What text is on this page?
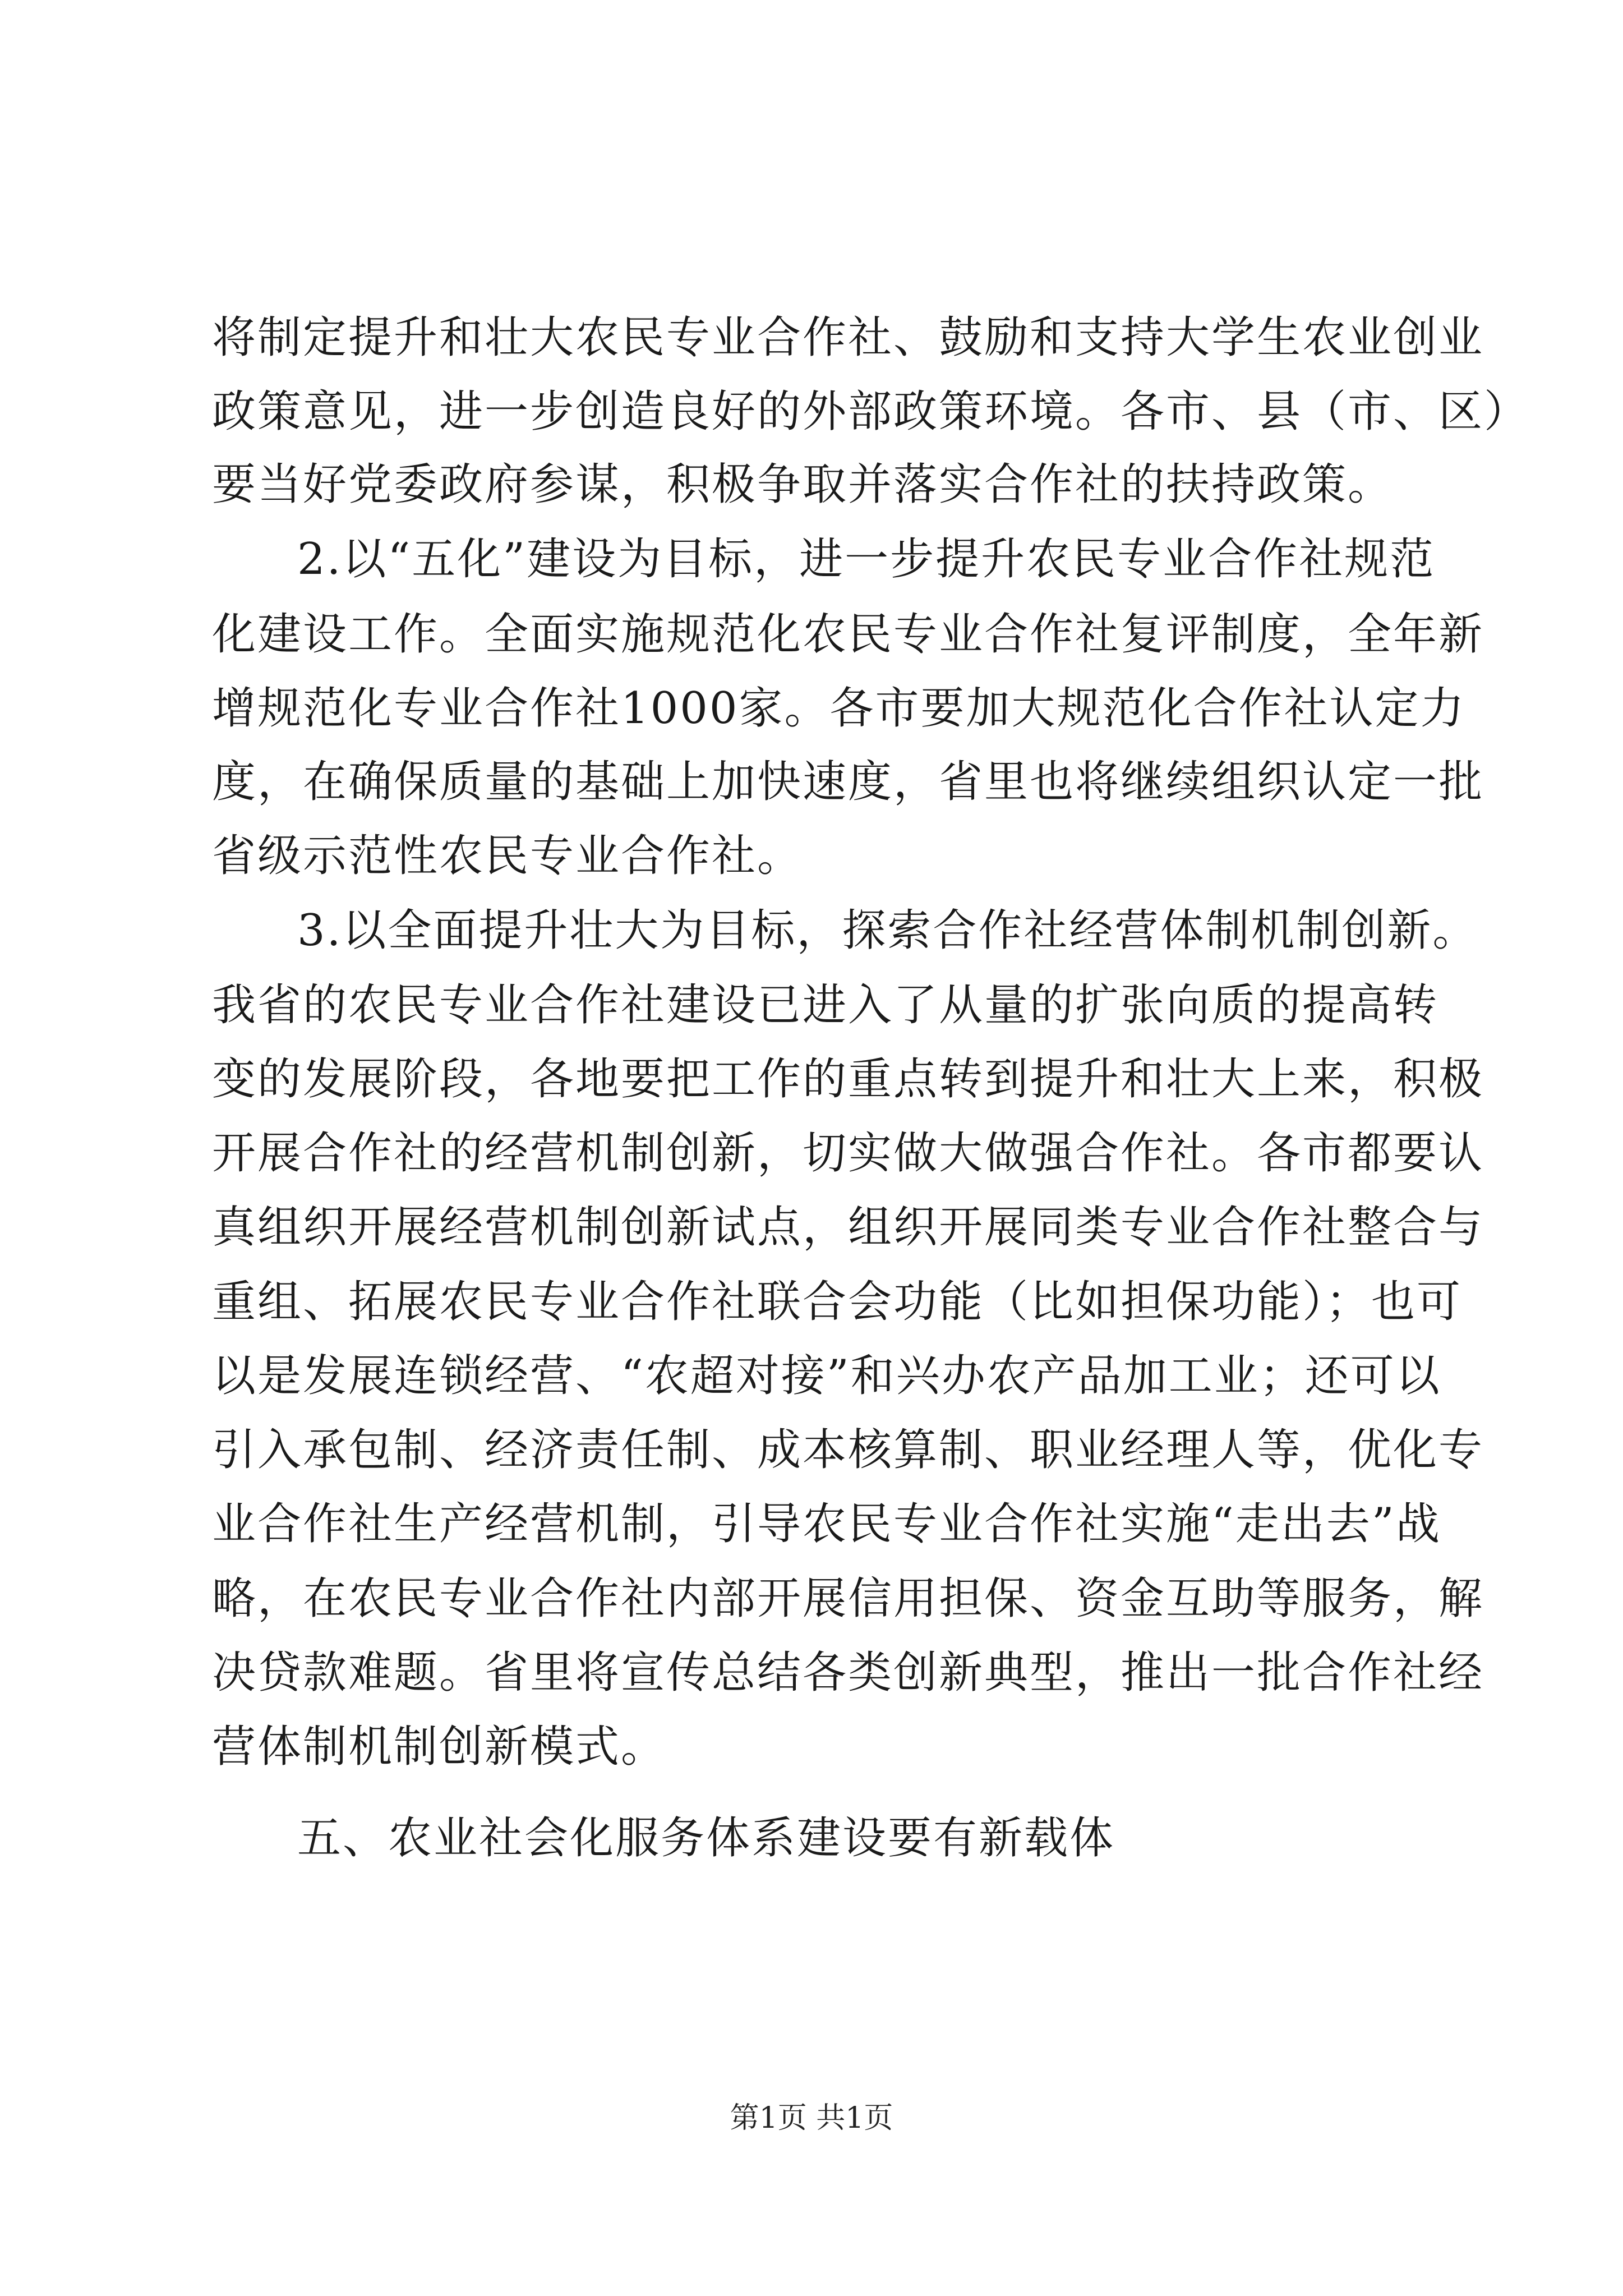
将制定提升和壮大农民专业合作社、鼓励和支持大学生农业创业
政策意见，进一步创造良好的外部政策环境。各市、县（市、区）
要当好党委政府参谋，积极争取并落实合作社的扶持政策。
2.以“五化”建设为目标，进一步提升农民专业合作社规范
化建设工作。全面实施规范化农民专业合作社复评制度，全年新
增规范化专业合作社1000家。各市要加大规范化合作社认定力
度，在确保质量的基础上加快速度，省里也将继续组织认定一批
省级示范性农民专业合作社。
3.以全面提升壮大为目标，探索合作社经营体制机制创新。
我省的农民专业合作社建设已进入了从量的扩张向质的提高转
变的发展阶段，各地要把工作的重点转到提升和壮大上来，积极
开展合作社的经营机制创新，切实做大做强合作社。各市都要认
真组织开展经营机制创新试点，组织开展同类专业合作社整合与
重组、拓展农民专业合作社联合会功能（比如担保功能）；也可
以是发展连锁经营、“农超对接”和兴办农产品加工业；还可以
引入承包制、经济责任制、成本核算制、职业经理人等，优化专
业合作社生产经营机制，引导农民专业合作社实施“走出去”战
略，在农民专业合作社内部开展信用担保、资金互助等服务，解
决贷款难题。省里将宣传总结各类创新典型，推出一批合作社经
营体制机制创新模式。
五、农业社会化服务体系建设要有新载体
第1页 共1页
